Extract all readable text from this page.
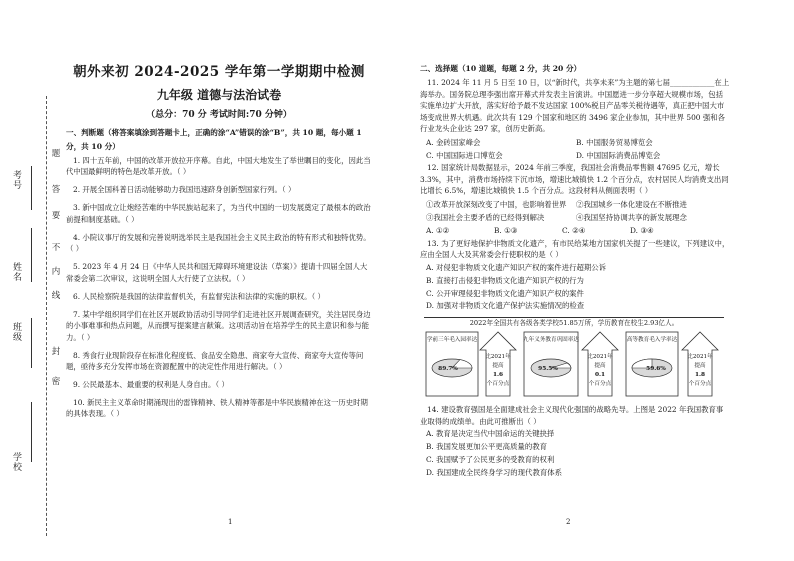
考号
姓名
班级
学校
题
答
要
不
内
线
封
密
朝外来初 2024-2025 学年第一学期期中检测
九年级 道德与法治试卷
（总分：70 分 考试时间:70 分钟）
一、判断题（将答案填涂到答题卡上，正确的涂“A”错误的涂“B”，共 10 题，每小题 1 分，共 10 分）
1. 四十五年前，中国的改革开放拉开序幕。自此，中国大地发生了举世瞩目的变化，因此当代中国最鲜明的特色是改革开放。（ ）
2. 开展全国科普日活动能够助力我国迅速跻身创新型国家行列。（ ）
3. 新中国成立让炮经苦难的中华民族站起来了，为当代中国的一切发展奠定了最根本的政治前提和制度基础。（ ）
4. 小院议事厅的发展和完善说明选举民主是我国社会主义民主政治的特有形式和独特优势。（ ）
5. 2023 年 4 月 24 日《中华人民共和国无障碍环境建设法（草案）》提请十四届全国人大常委会第二次审议，这说明全国人大行使了立法权。（ ）
6. 人民检察院是我国的法律监督机关，有监督宪法和法律的实施的职权。（ ）
7. 某中学组织同学们在社区开展政协活动引导同学们走进社区开展调查研究，关注居民身边的小事难事和热点问题，从而撰写提案建言献策。这项活动旨在培养学生的民主意识和参与能力。（ ）
8. 秀食行业现阶段存在标准化程度低、食品安全隐患、商家夸大宣传、商家夸大宣传等问题，亟待多充分发挥市场在资源配置中的决定性作用进行解决。（ ）
9. 公民最基本、最重要的权利是人身自由。（ ）
10. 新民主主义革命时期涌现出的雷锋精神、铁人精神等都是中华民族精神在这一历史时期的具体表现。（ ）
1
二、选择题（10 道题，每题 2 分，共 20 分）
11. 2024 年 11 月 5 日至 10 日，以“新时代，共享未来”为主题的第七届____________在上海举办。国务院总理李强出席开幕式并发表主旨演讲。中国愿进一步分享超大规模市场，包括实施单边扩大开放，落实好给予最不发达国家 100%税目产品零关税待遇等，真正把中国大市场变成世界大机遇。此次共有 129 个国家和地区的 3496 家企业参加，其中世界 500 强和各行业龙头企业达 297 家，创历史新高。
A. 金砖国家峰会	B. 中国服务贸易博览会
C. 中国国际进口博览会	D. 中国国际消费品博览会
12. 国家统计局数据显示，2024 年前三季度，我国社会消费品零售额 47695 亿元，增长 3.3%，其中，消费市场持续下沉市场，增速比城镇快 1.2 个百分点，农村居民人均消费支出同比增长 6.5%，增速比城镇快 1.5 个百分点。这段材料从侧面表明（ ）
①改革开放深刻改变了中国，也影响着世界	②我国城乡一体化建设在不断推进
③我国社会主要矛盾的已经得到解决	④我国坚持协调共享的新发展理念
A. ①②	B. ①③	C. ②④	D. ③④
13. 为了更好地保护非物质文化遗产，有市民给某地方国家机关提了一些建议，下列建议中，应由全国人大及其常委会行使职权的是（ ）
A. 对侵犯非物质文化遗产知识产权的案件进行超期公诉
B. 直接打击侵犯非物质文化遗产知识产权的行为
C. 公开审理侵犯非物质文化遗产知识产权的案件
D. 加强对非物质文化遗产保护法实施情况的检查
2022年全国共有各级各类学校51.85万所，学历教育在校生2.93亿人。
学前三年毛入园率达
89.7%
比2021年
提高
1.6
个百分点
九年义务教育巩固率达
95.5%
比2021年
提高
0.1
个百分点
高等教育毛入学率达
59.6%
比2021年
提高
1.8
个百分点
14. 建设教育强国是全面建成社会主义现代化强国的战略先导。上图是 2022 年我国教育事业取得的成绩单。由此可推断出（ ）
A. 教育是决定当代中国命运的关键抉择
B. 我国发展更加公平更高质量的教育
C. 我国赋予了公民更多的受教育的权利
D. 我国建成全民终身学习的现代教育体系
2
